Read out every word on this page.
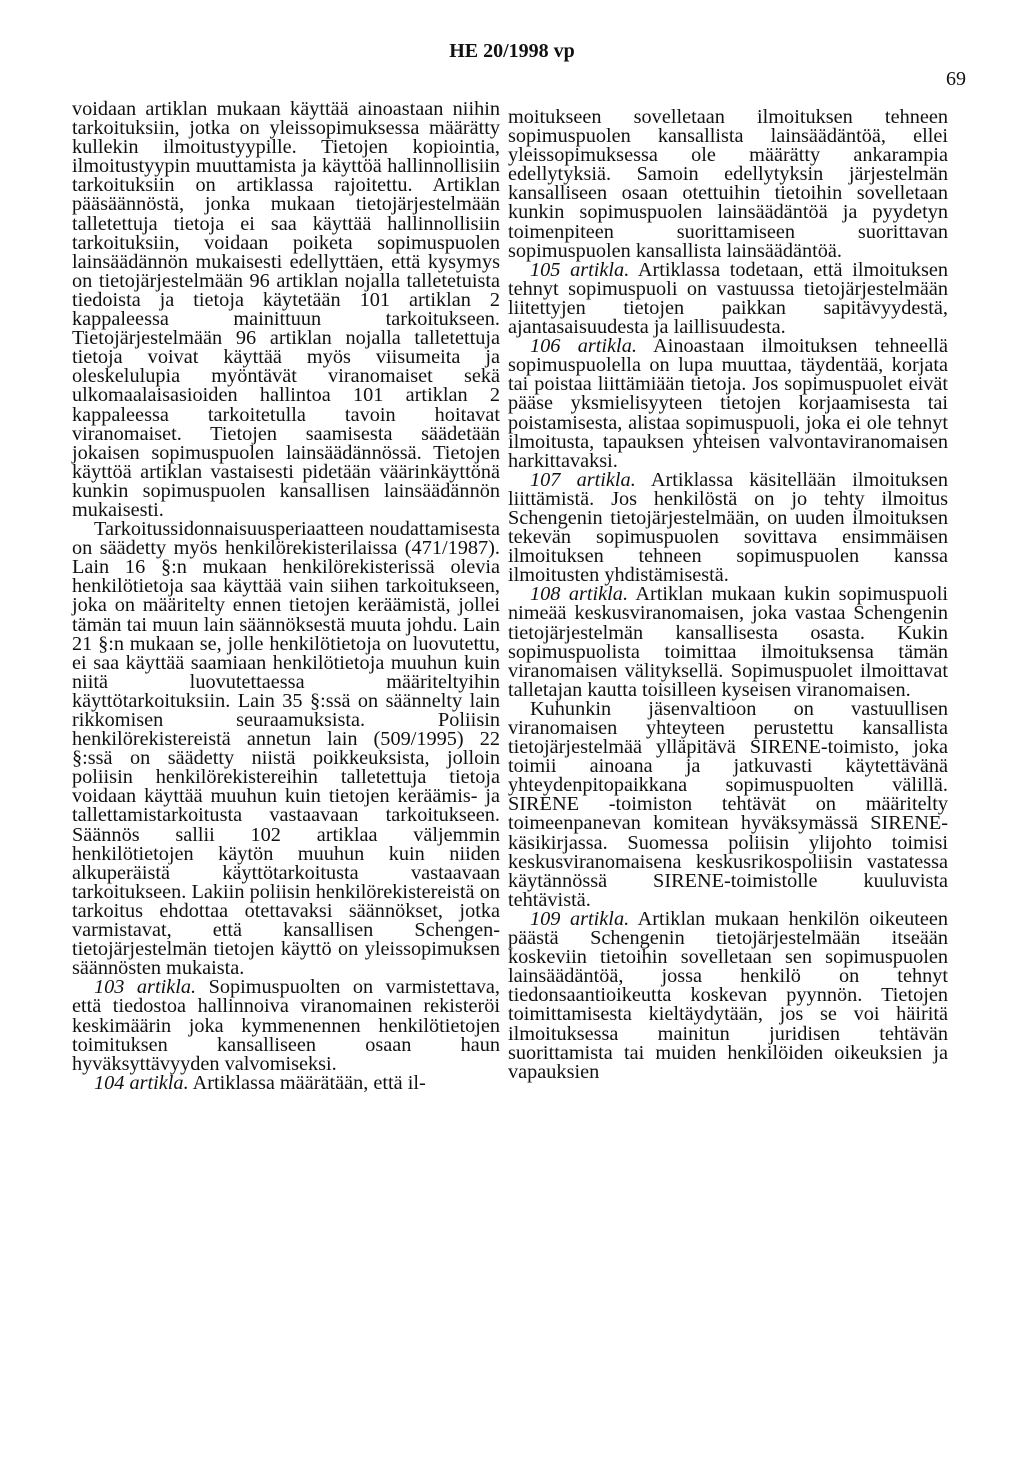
HE 20/1998 vp
69

voidaan artiklan mukaan käyttää ainoastaan niihin tarkoituksiin, jotka on yleissopimuksessa määrätty kullekin ilmoitustyypille. Tietojen kopiointia, ilmoitustyypin muuttamista ja käyttöä hallinnollisiin tarkoituksiin on artiklassa rajoitettu. Artiklan pääsäännöstä, jonka mukaan tietojärjestelmään talletettuja tietoja ei saa käyttää hallinnollisiin tarkoituksiin, voidaan poiketa sopimuspuolen lainsäädännön mukaisesti edellyttäen, että kysymys on tietojärjestelmään 96 artiklan nojalla talletetuista tiedoista ja tietoja käytetään 101 artiklan 2 kappaleessa mainittuun tarkoitukseen. Tietojärjestelmään 96 artiklan nojalla talletettuja tietoja voivat käyttää myös viisumeita ja oleskelulupia myöntävät viranomaiset sekä ulkomaalaisasioiden hallintoa 101 artiklan 2 kappaleessa tarkoitetulla tavoin hoitavat viranomaiset. Tietojen saamisesta säädetään jokaisen sopimuspuolen lainsäädännössä. Tietojen käyttöä artiklan vastaisesti pidetään väärinkäyttönä kunkin sopimuspuolen kansallisen lainsäädännön mukaisesti.

Tarkoitussidonnaisuusperiaatteen noudattamisesta on säädetty myös henkilörekisterilaissa (471/1987). Lain 16 §:n mukaan henkilörekisterissä olevia henkilötietoja saa käyttää vain siihen tarkoitukseen, joka on määritelty ennen tietojen keräämistä, jollei tämän tai muun lain säännöksestä muuta johdu. Lain 21 §:n mukaan se, jolle henkilötietoja on luovutettu, ei saa käyttää saamiaan henkilötietoja muuhun kuin niitä luovutettaessa määriteltyihin käyttötarkoituksiin. Lain 35 §:ssä on säännelty lain rikkomisen seuraamuksista. Poliisin henkilörekistereistä annetun lain (509/1995) 22 §:ssä on säädetty niistä poikkeuksista, jolloin poliisin henkilörekistereihin talletettuja tietoja voidaan käyttää muuhun kuin tietojen keräämis- ja tallettamistarkoitusta vastaavaan tarkoitukseen. Säännös sallii 102 artiklaa väljemmin henkilötietojen käytön muuhun kuin niiden alkuperäistä käyttötarkoitusta vastaavaan tarkoitukseen. Lakiin poliisin henkilörekistereistä on tarkoitus ehdottaa otettavaksi säännökset, jotka varmistavat, että kansallisen Schengen-tietojärjestelmän tietojen käyttö on yleissopimuksen säännösten mukaista.

103 artikla. Sopimuspuolten on varmistettava, että tiedostoa hallinnoiva viranomainen rekisteröi keskimäärin joka kymmenennen henkilötietojen toimituksen kansalliseen osaan haun hyväksyttävyyden valvomiseksi.

104 artikla. Artiklassa määrätään, että il-

moitukseen sovelletaan ilmoituksen tehneen sopimuspuolen kansallista lainsäädäntöä, ellei yleissopimuksessa ole määrätty ankarampia edellytyksiä. Samoin edellytyksin järjestelmän kansalliseen osaan otettuihin tietoihin sovelletaan kunkin sopimuspuolen lainsäädäntöä ja pyydetyn toimenpiteen suorittamiseen suorittavan sopimuspuolen kansallista lainsäädäntöä.

105 artikla. Artiklassa todetaan, että ilmoituksen tehnyt sopimuspuoli on vastuussa tietojärjestelmään liitettyjen tietojen paikkan sapitävyydestä, ajantasaisuudesta ja laillisuudesta.

106 artikla. Ainoastaan ilmoituksen tehneellä sopimuspuolella on lupa muuttaa, täydentää, korjata tai poistaa liittämiään tietoja. Jos sopimuspuolet eivät pääse yksmielisyyteen tietojen korjaamisesta tai poistamisesta, alistaa sopimuspuoli, joka ei ole tehnyt ilmoitusta, tapauksen yhteisen valvontaviranomaisen harkittavaksi.

107 artikla. Artiklassa käsitellään ilmoituksen liittämistä. Jos henkilöstä on jo tehty ilmoitus Schengenin tietojärjestelmään, on uuden ilmoituksen tekevän sopimuspuolen sovittava ensimmäisen ilmoituksen tehneen sopimuspuolen kanssa ilmoitusten yhdistämisestä.

108 artikla. Artiklan mukaan kukin sopimuspuoli nimeää keskusviranomaisen, joka vastaa Schengenin tietojärjestelmän kansallisesta osasta. Kukin sopimuspuolista toimittaa ilmoituksensa tämän viranomaisen välityksellä. Sopimuspuolet ilmoittavat talletajan kautta toisilleen kyseisen viranomaisen.

Kuhunkin jäsenvaltioon on vastuullisen viranomaisen yhteyteen perustettu kansallista tietojärjestelmää ylläpitävä SIRENE-toimisto, joka toimii ainoana ja jatkuvasti käytettävänä yhteydenpitopaikkana sopimuspuolten välillä. SIRENE -toimiston tehtävät on määritelty toimeenpanevan komitean hyväksymässä SIRENE-käsikirjassa. Suomessa poliisin ylijohto toimisi keskusviranomaisena keskusrikospoliisin vastatessa käytännössä SIRENE-toimistolle kuuluvista tehtävistä.

109 artikla. Artiklan mukaan henkilön oikeuteen päästä Schengenin tietojärjestelmään itseään koskeviin tietoihin sovelletaan sen sopimuspuolen lainsäädäntöä, jossa henkilö on tehnyt tiedonsaantioikeutta koskevan pyynnön. Tietojen toimittamisesta kieltäydytään, jos se voi häiritä ilmoituksessa mainitun juridisen tehtävän suorittamista tai muiden henkilöiden oikeuksien ja vapauksien
